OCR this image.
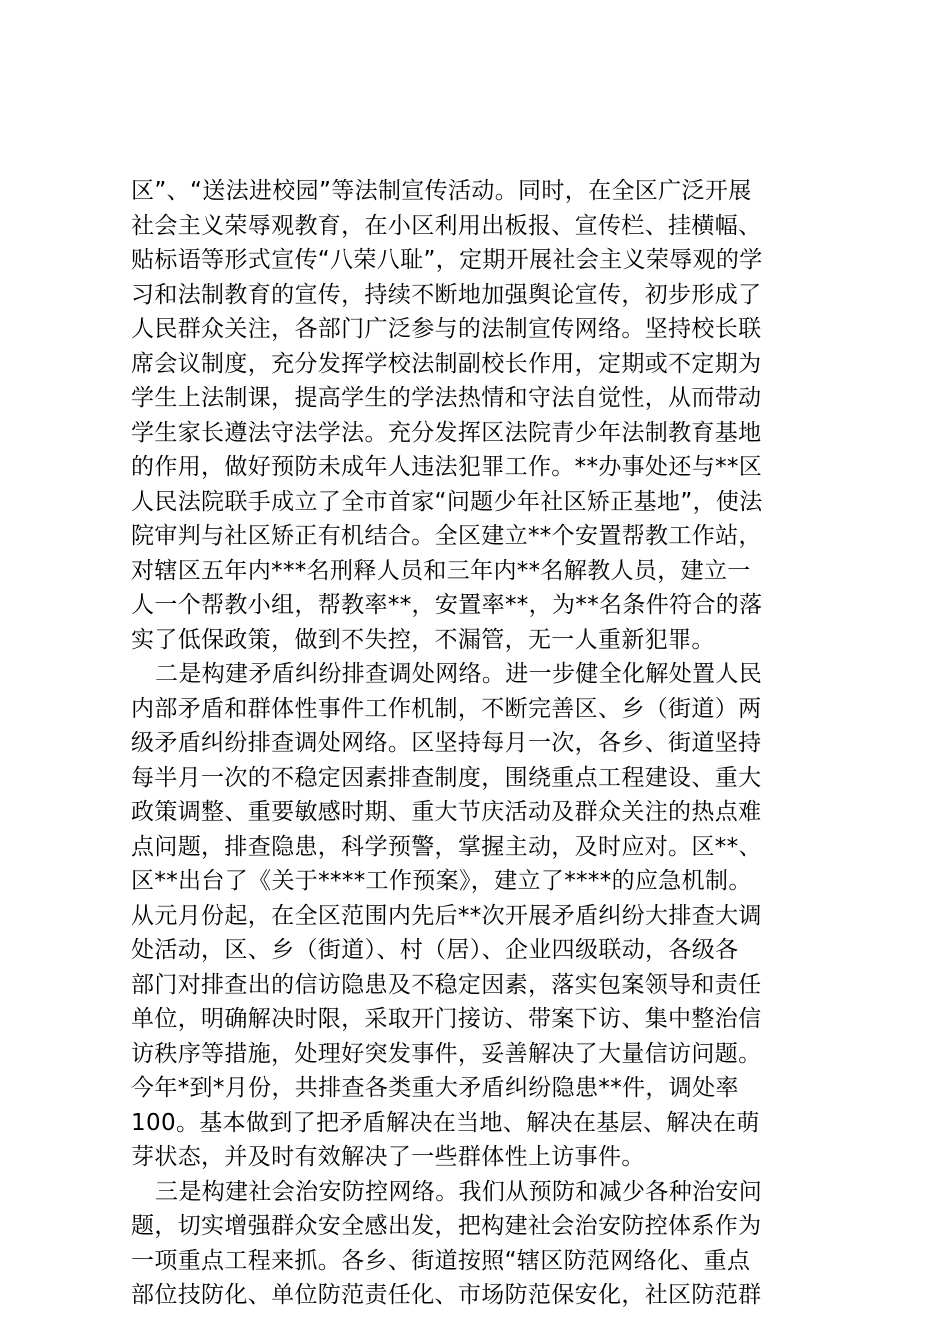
区”、“送法进校园”等法制宣传活动。同时，在全区广泛开展
社会主义荣辱观教育，在小区利用出板报、宣传栏、挂横幅、
贴标语等形式宣传“八荣八耻”，定期开展社会主义荣辱观的学
习和法制教育的宣传，持续不断地加强舆论宣传，初步形成了
人民群众关注，各部门广泛参与的法制宣传网络。坚持校长联
席会议制度，充分发挥学校法制副校长作用，定期或不定期为
学生上法制课，提高学生的学法热情和守法自觉性，从而带动
学生家长遵法守法学法。充分发挥区法院青少年法制教育基地
的作用，做好预防未成年人违法犯罪工作。**办事处还与**区
人民法院联手成立了全市首家“问题少年社区矫正基地”，使法
院审判与社区矫正有机结合。全区建立**个安置帮教工作站，
对辖区五年内***名刑释人员和三年内**名解教人员，建立一
人一个帮教小组，帮教率**，安置率**，为**名条件符合的落
实了低保政策，做到不失控，不漏管，无一人重新犯罪。
二是构建矛盾纠纷排查调处网络。进一步健全化解处置人民
内部矛盾和群体性事件工作机制，不断完善区、乡（街道）两
级矛盾纠纷排查调处网络。区坚持每月一次，各乡、街道坚持
每半月一次的不稳定因素排查制度，围绕重点工程建设、重大
政策调整、重要敏感时期、重大节庆活动及群众关注的热点难
点问题，排查隐患，科学预警，掌握主动，及时应对。区**、
区**出台了《关于****工作预案》，建立了****的应急机制。
从元月份起，在全区范围内先后**次开展矛盾纠纷大排查大调
处活动，区、乡（街道）、村（居）、企业四级联动，各级各
部门对排查出的信访隐患及不稳定因素，落实包案领导和责任
单位，明确解决时限，采取开门接访、带案下访、集中整治信
访秩序等措施，处理好突发事件，妥善解决了大量信访问题。
今年*到*月份，共排查各类重大矛盾纠纷隐患**件，调处率
100。基本做到了把矛盾解决在当地、解决在基层、解决在萌
芽状态，并及时有效解决了一些群体性上访事件。
三是构建社会治安防控网络。我们从预防和减少各种治安问
题，切实增强群众安全感出发，把构建社会治安防控体系作为
一项重点工程来抓。各乡、街道按照“辖区防范网络化、重点
部位技防化、单位防范责任化、市场防范保安化，社区防范群
